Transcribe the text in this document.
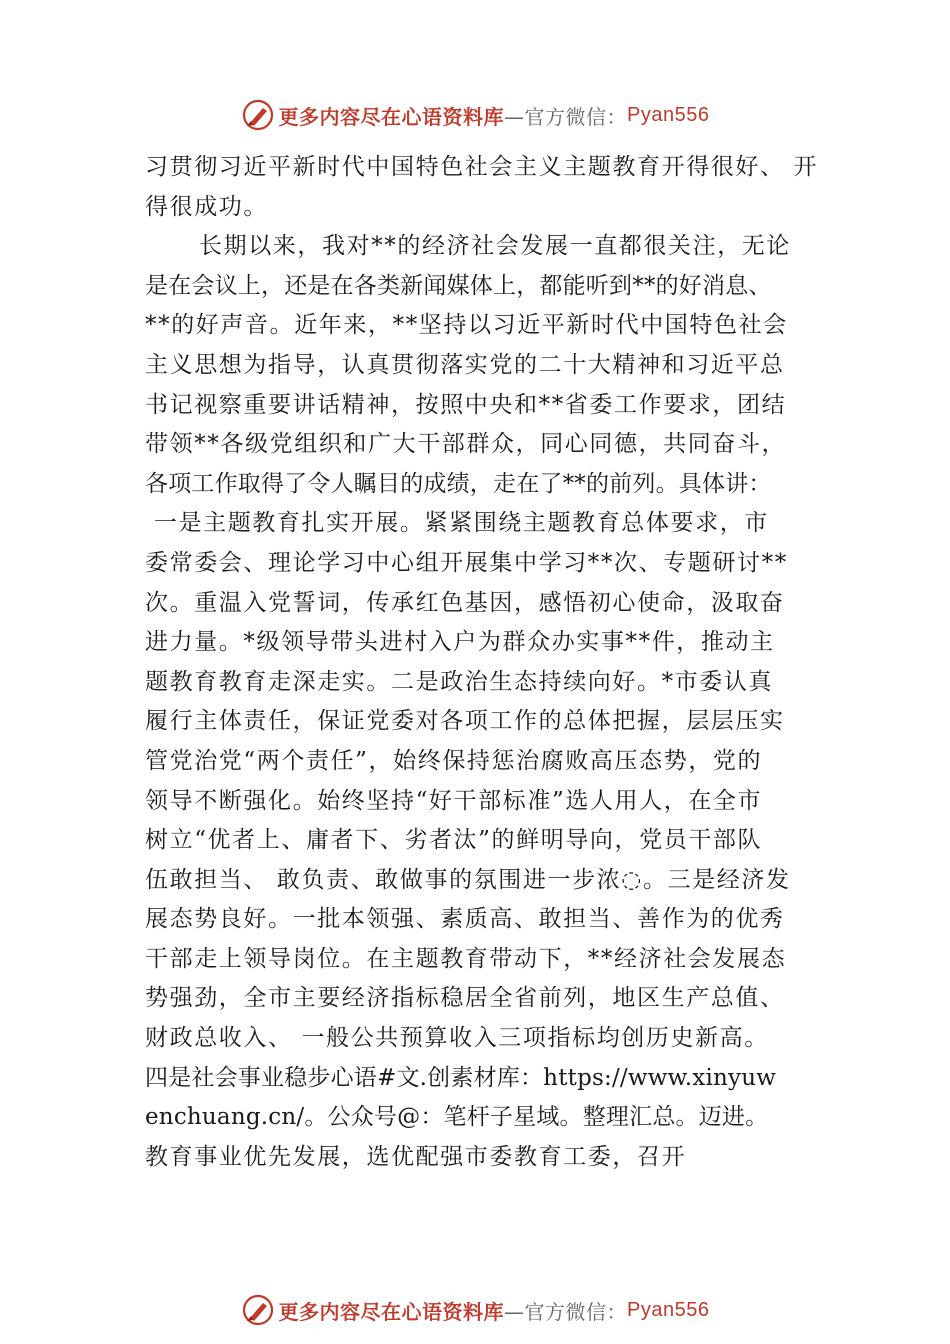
更多内容尽在心语资料库 —官方微信： Pyan556
习贯彻习近平新时代中国特色社会主义主题教育开得很好、 开
得很成功。
长期以来，我对**的经济社会发展一直都很关注，无论
是在会议上，还是在各类新闻媒体上，都能听到**的好消息、
**的好声音。近年来，**坚持以习近平新时代中国特色社会
主义思想为指导，认真贯彻落实党的二十大精神和习近平总
书记视察重要讲话精神，按照中央和**省委工作要求，团结
带领**各级党组织和广大干部群众，同心同德，共同奋斗，
各项工作取得了令人瞩目的成绩，走在了**的前列。具体讲：
一是主题教育扎实开展。紧紧围绕主题教育总体要求，市
委常委会、理论学习中心组开展集中学习**次、专题研讨**
次。重温入党誓词，传承红色基因，感悟初心使命，汲取奋
进力量。*级领导带头进村入户为群众办实事**件，推动主
题教育教育走深走实。二是政治生态持续向好。*市委认真
履行主体责任，保证党委对各项工作的总体把握，层层压实
管党治党“两个责任”，始终保持惩治腐败高压态势，党的
领导不断强化。始终坚持“好干部标准”选人用人，在全市
树立“优者上、庸者下、劣者汰”的鲜明导向，党员干部队
伍敢担当、 敢负责、敢做事的氛围进一步浓◌。三是经济发
展态势良好。一批本领强、素质高、敢担当、善作为的优秀
干部走上领导岗位。在主题教育带动下，**经济社会发展态
势强劲，全市主要经济指标稳居全省前列，地区生产总值、
财政总收入、 一般公共预算收入三项指标均创历史新高。
四是社会事业稳步心语#文.创素材库：https://www.xinyuw
enchuang.cn/。公众号@：笔杆子星域。整理汇总。迈进。
教育事业优先发展，选优配强市委教育工委，召开
更多内容尽在心语资料库 —官方微信： Pyan556
